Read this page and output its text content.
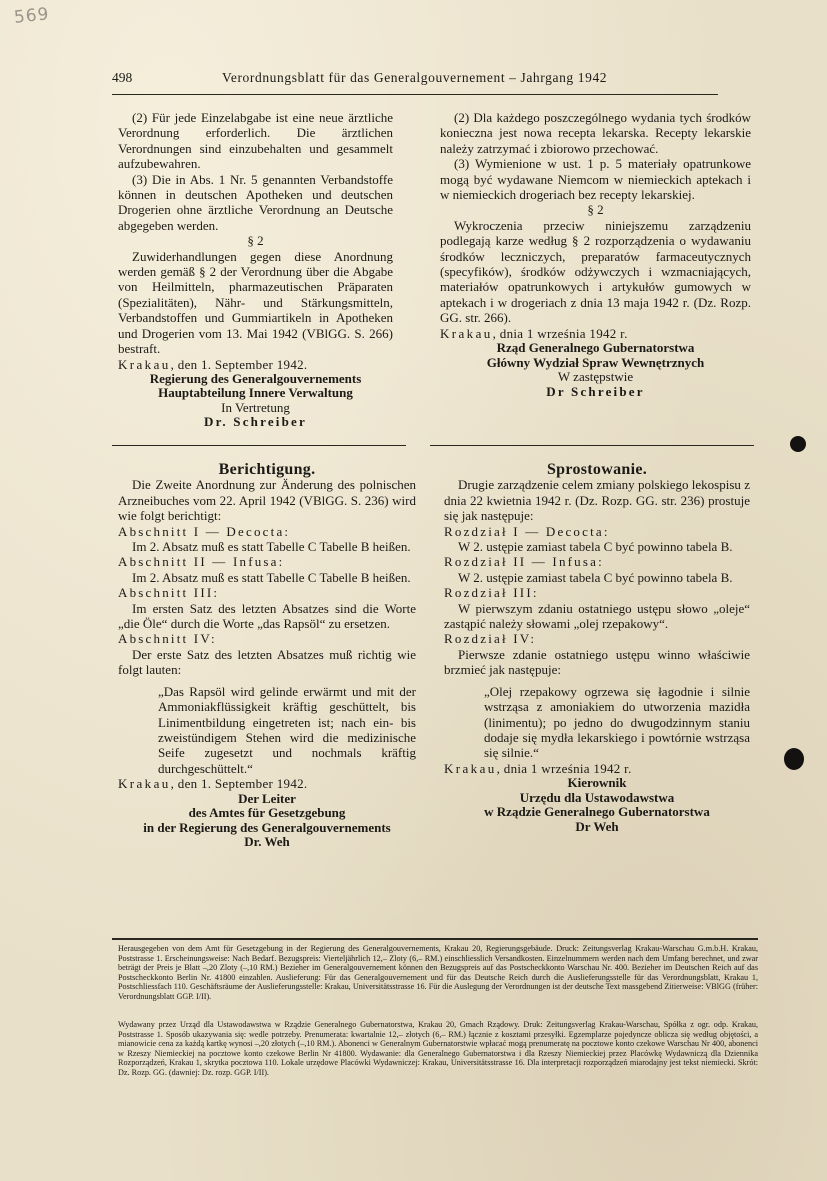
569
498	Verordnungsblatt für das Generalgouvernement – Jahrgang 1942

(2) Für jede Einzelabgabe ist eine neue ärztliche Verordnung erforderlich. Die ärztlichen Verordnungen sind einzubehalten und gesammelt aufzubewahren.

(3) Die in Abs. 1 Nr. 5 genannten Verbandstoffe können in deutschen Apotheken und deutschen Drogerien ohne ärztliche Verordnung an Deutsche abgegeben werden.

§ 2

Zuwiderhandlungen gegen diese Anordnung werden gemäß § 2 der Verordnung über die Abgabe von Heilmitteln, pharmazeutischen Präparaten (Spezialitäten), Nähr- und Stärkungsmitteln, Verbandstoffen und Gummiartikeln in Apotheken und Drogerien vom 13. Mai 1942 (VBlGG. S. 266) bestraft.

Krakau, den 1. September 1942.

Regierung des Generalgouvernements
Hauptabteilung Innere Verwaltung
In Vertretung
Dr. Schreiber

(2) Dla każdego poszczególnego wydania tych środków konieczna jest nowa recepta lekarska. Recepty lekarskie należy zatrzymać i zbiorowo przechować.

(3) Wymienione w ust. 1 p. 5 materiały opatrunkowe mogą być wydawane Niemcom w niemieckich aptekach i w niemieckich drogeriach bez recepty lekarskiej.

§ 2

Wykroczenia przeciw niniejszemu zarządzeniu podlegają karze według § 2 rozporządzenia o wydawaniu środków leczniczych, preparatów farmaceutycznych (specyfików), środków odżywczych i wzmacniających, materiałów opatrunkowych i artykułów gumowych w aptekach i w drogeriach z dnia 13 maja 1942 r. (Dz. Rozp. GG. str. 266).

Krakau, dnia 1 września 1942 r.

Rząd Generalnego Gubernatorstwa
Główny Wydział Spraw Wewnętrznych
W zastępstwie
Dr Schreiber

Berichtigung.

Die Zweite Anordnung zur Änderung des polnischen Arzneibuches vom 22. April 1942 (VBlGG. S. 236) wird wie folgt berichtigt:

Abschnitt I — Decocta:

Im 2. Absatz muß es statt Tabelle C Tabelle B heißen.

Abschnitt II — Infusa:

Im 2. Absatz muß es statt Tabelle C Tabelle B heißen.

Abschnitt III:

Im ersten Satz des letzten Absatzes sind die Worte „die Öle“ durch die Worte „das Rapsöl“ zu ersetzen.

Abschnitt IV:

Der erste Satz des letzten Absatzes muß richtig wie folgt lauten:

„Das Rapsöl wird gelinde erwärmt und mit der Ammoniakflüssigkeit kräftig geschüttelt, bis Linimentbildung eingetreten ist; nach ein- bis zweistündigem Stehen wird die medizinische Seife zugesetzt und nochmals kräftig durchgeschüttelt.“

Krakau, den 1. September 1942.

Der Leiter
des Amtes für Gesetzgebung
in der Regierung des Generalgouvernements
Dr. Weh

Sprostowanie.

Drugie zarządzenie celem zmiany polskiego lekospisu z dnia 22 kwietnia 1942 r. (Dz. Rozp. GG. str. 236) prostuje się jak następuje:

Rozdział I — Decocta:

W 2. ustępie zamiast tabela C być powinno tabela B.

Rozdział II — Infusa:

W 2. ustępie zamiast tabela C być powinno tabela B.

Rozdział III:

W pierwszym zdaniu ostatniego ustępu słowo „oleje“ zastąpić należy słowami „olej rzepakowy“.

Rozdział IV:

Pierwsze zdanie ostatniego ustępu winno właściwie brzmieć jak następuje:

„Olej rzepakowy ogrzewa się łagodnie i silnie wstrząsa z amoniakiem do utworzenia mazidła (linimentu); po jedno do dwugodzinnym staniu dodaje się mydła lekarskiego i powtórnie wstrząsa się silnie.“

Krakau, dnia 1 września 1942 r.

Kierownik
Urzędu dla Ustawodawstwa
w Rządzie Generalnego Gubernatorstwa
Dr Weh

Herausgegeben von dem Amt für Gesetzgebung in der Regierung des Generalgouvernements, Krakau 20, Regierungsgebäude. Druck: Zeitungsverlag Krakau-Warschau G.m.b.H. Krakau, Poststrasse 1. Erscheinungsweise: Nach Bedarf. Bezugspreis: Vierteljährlich 12,– Zloty (6,– RM.) einschliesslich Versandkosten. Einzelnummern werden nach dem Umfang berechnet, und zwar beträgt der Preis je Blatt –,20 Zloty (–,10 RM.) Bezieher im Generalgouvernement können den Bezugspreis auf das Postscheckkonto Warschau Nr. 400. Bezieher im Deutschen Reich auf das Postscheckkonto Berlin Nr. 41800 einzahlen. Auslieferung: Für das Generalgouvernement und für das Deutsche Reich durch die Auslieferungsstelle für das Verordnungsblatt, Krakau 1, Postschliessfach 110. Geschäftsräume der Auslieferungsstelle: Krakau, Universitätsstrasse 16. Für die Auslegung der Verordnungen ist der deutsche Text massgebend Zitierweise: VBlGG (früher: Verordnungsblatt GGP. I/II).

Wydawany przez Urząd dla Ustawodawstwa w Rządzie Generalnego Gubernatorstwa, Krakau 20, Gmach Rządowy. Druk: Zeitungsverlag Krakau-Warschau, Spółka z ogr. odp. Krakau, Poststrasse 1. Sposób ukazywania się: wedle potrzeby. Prenumerata: kwartalnie 12,– złotych (6,– RM.) łącznie z kosztami przesyłki. Egzemplarze pojedyncze oblicza się według objętości, a mianowicie cena za każdą kartkę wynosi –,20 złotych (–,10 RM.). Abonenci w Generalnym Gubernatorstwie wpłacać mogą prenumeratę na pocztowe konto czekowe Warschau Nr 400, abonenci w Rzeszy Niemieckiej na pocztowe konto czekowe Berlin Nr 41800. Wydawanie: dla Generalnego Gubernatorstwa i dla Rzeszy Niemieckiej przez Placówkę Wydawniczą dla Dziennika Rozporządzeń, Krakau 1, skrytka pocztowa 110. Lokale urzędowe Placówki Wydawniczej: Krakau, Universitätsstrasse 16. Dla interpretacji rozporządzeń miarodajny jest tekst niemiecki. Skrót: Dz. Rozp. GG. (dawniej: Dz. rozp. GGP. I/II).
